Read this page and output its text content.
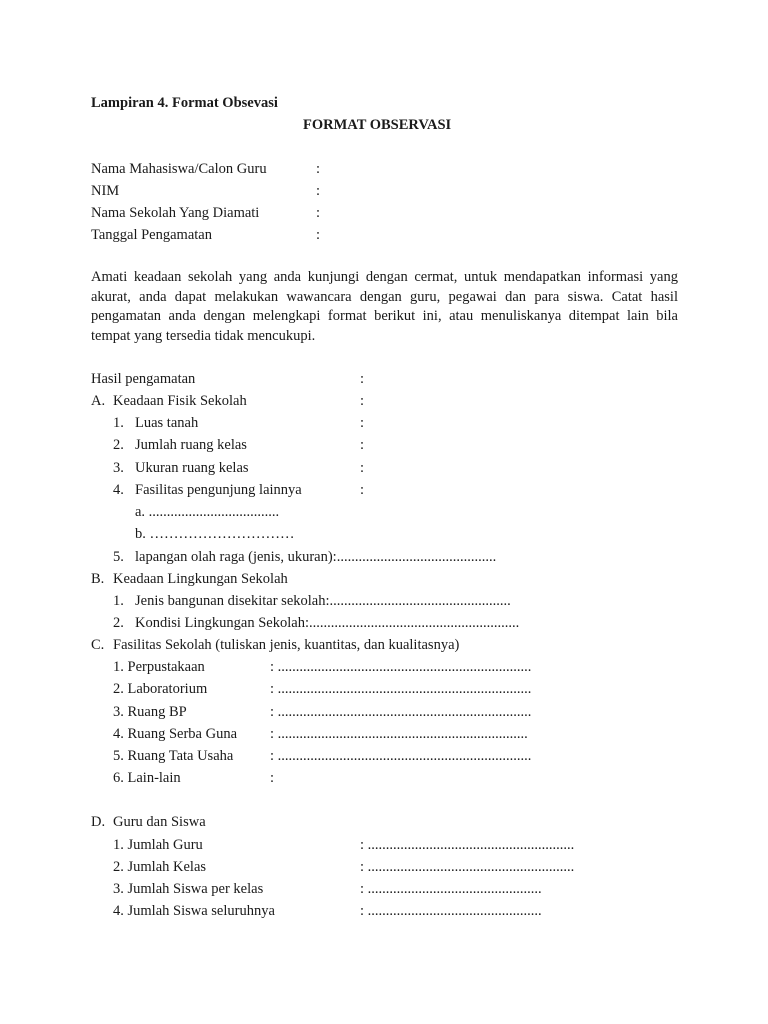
Lampiran 4. Format Obsevasi
FORMAT OBSERVASI
Nama Mahasiswa/Calon Guru	:
NIM	:
Nama Sekolah Yang Diamati	:
Tanggal Pengamatan	:
Amati keadaan sekolah yang anda kunjungi dengan cermat, untuk mendapatkan informasi yang akurat, anda dapat melakukan wawancara dengan guru, pegawai dan para siswa. Catat hasil pengamatan anda dengan melengkapi format berikut ini, atau menuliskanya ditempat lain bila tempat yang tersedia tidak mencukupi.
Hasil pengamatan	:
A. Keadaan Fisik Sekolah	:
1. Luas tanah	:
2. Jumlah ruang kelas	:
3. Ukuran ruang kelas	:
4. Fasilitas pengunjung lainnya	:
a. ....................................
b. …………………………
5. lapangan olah raga (jenis, ukuran):............................................
B. Keadaan Lingkungan Sekolah
1. Jenis bangunan disekitar sekolah:..................................................
2. Kondisi Lingkungan Sekolah:..........................................................
C. Fasilitas Sekolah (tuliskan jenis, kuantitas, dan kualitasnya)
1. Perpustakaan	: ......................................................................
2. Laboratorium	: ......................................................................
3. Ruang BP	: ......................................................................
4. Ruang Serba Guna : .....................................................................
5. Ruang Tata Usaha	: ......................................................................
6. Lain-lain	:
D. Guru dan Siswa
1. Jumlah Guru	: .........................................................
2. Jumlah Kelas	: .........................................................
3. Jumlah Siswa per kelas	: ................................................
4. Jumlah Siswa seluruhnya	: ................................................
